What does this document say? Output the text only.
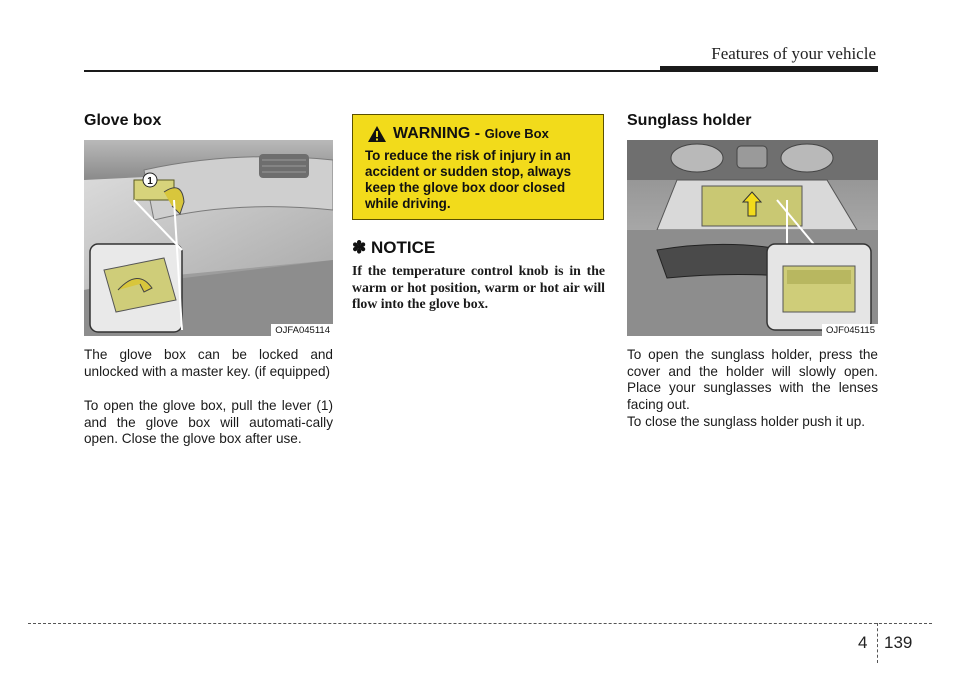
Features of your vehicle
Glove box
1
OJFA045114
The glove box can be locked and unlocked with a master key. (if equipped)
To open the glove box, pull the lever (1) and the glove box will automati-cally open. Close the glove box after use.
WARNING - Glove Box
To reduce the risk of injury in an accident or sudden stop, always keep the glove box door closed while driving.
✽ NOTICE
If the temperature control knob is in the warm or hot position, warm or hot air will flow into the glove box.
Sunglass holder
OJF045115
To open the sunglass holder, press the cover and the holder will slowly open. Place your sunglasses with the lenses facing out.
To close the sunglass holder push it up.
4 139
